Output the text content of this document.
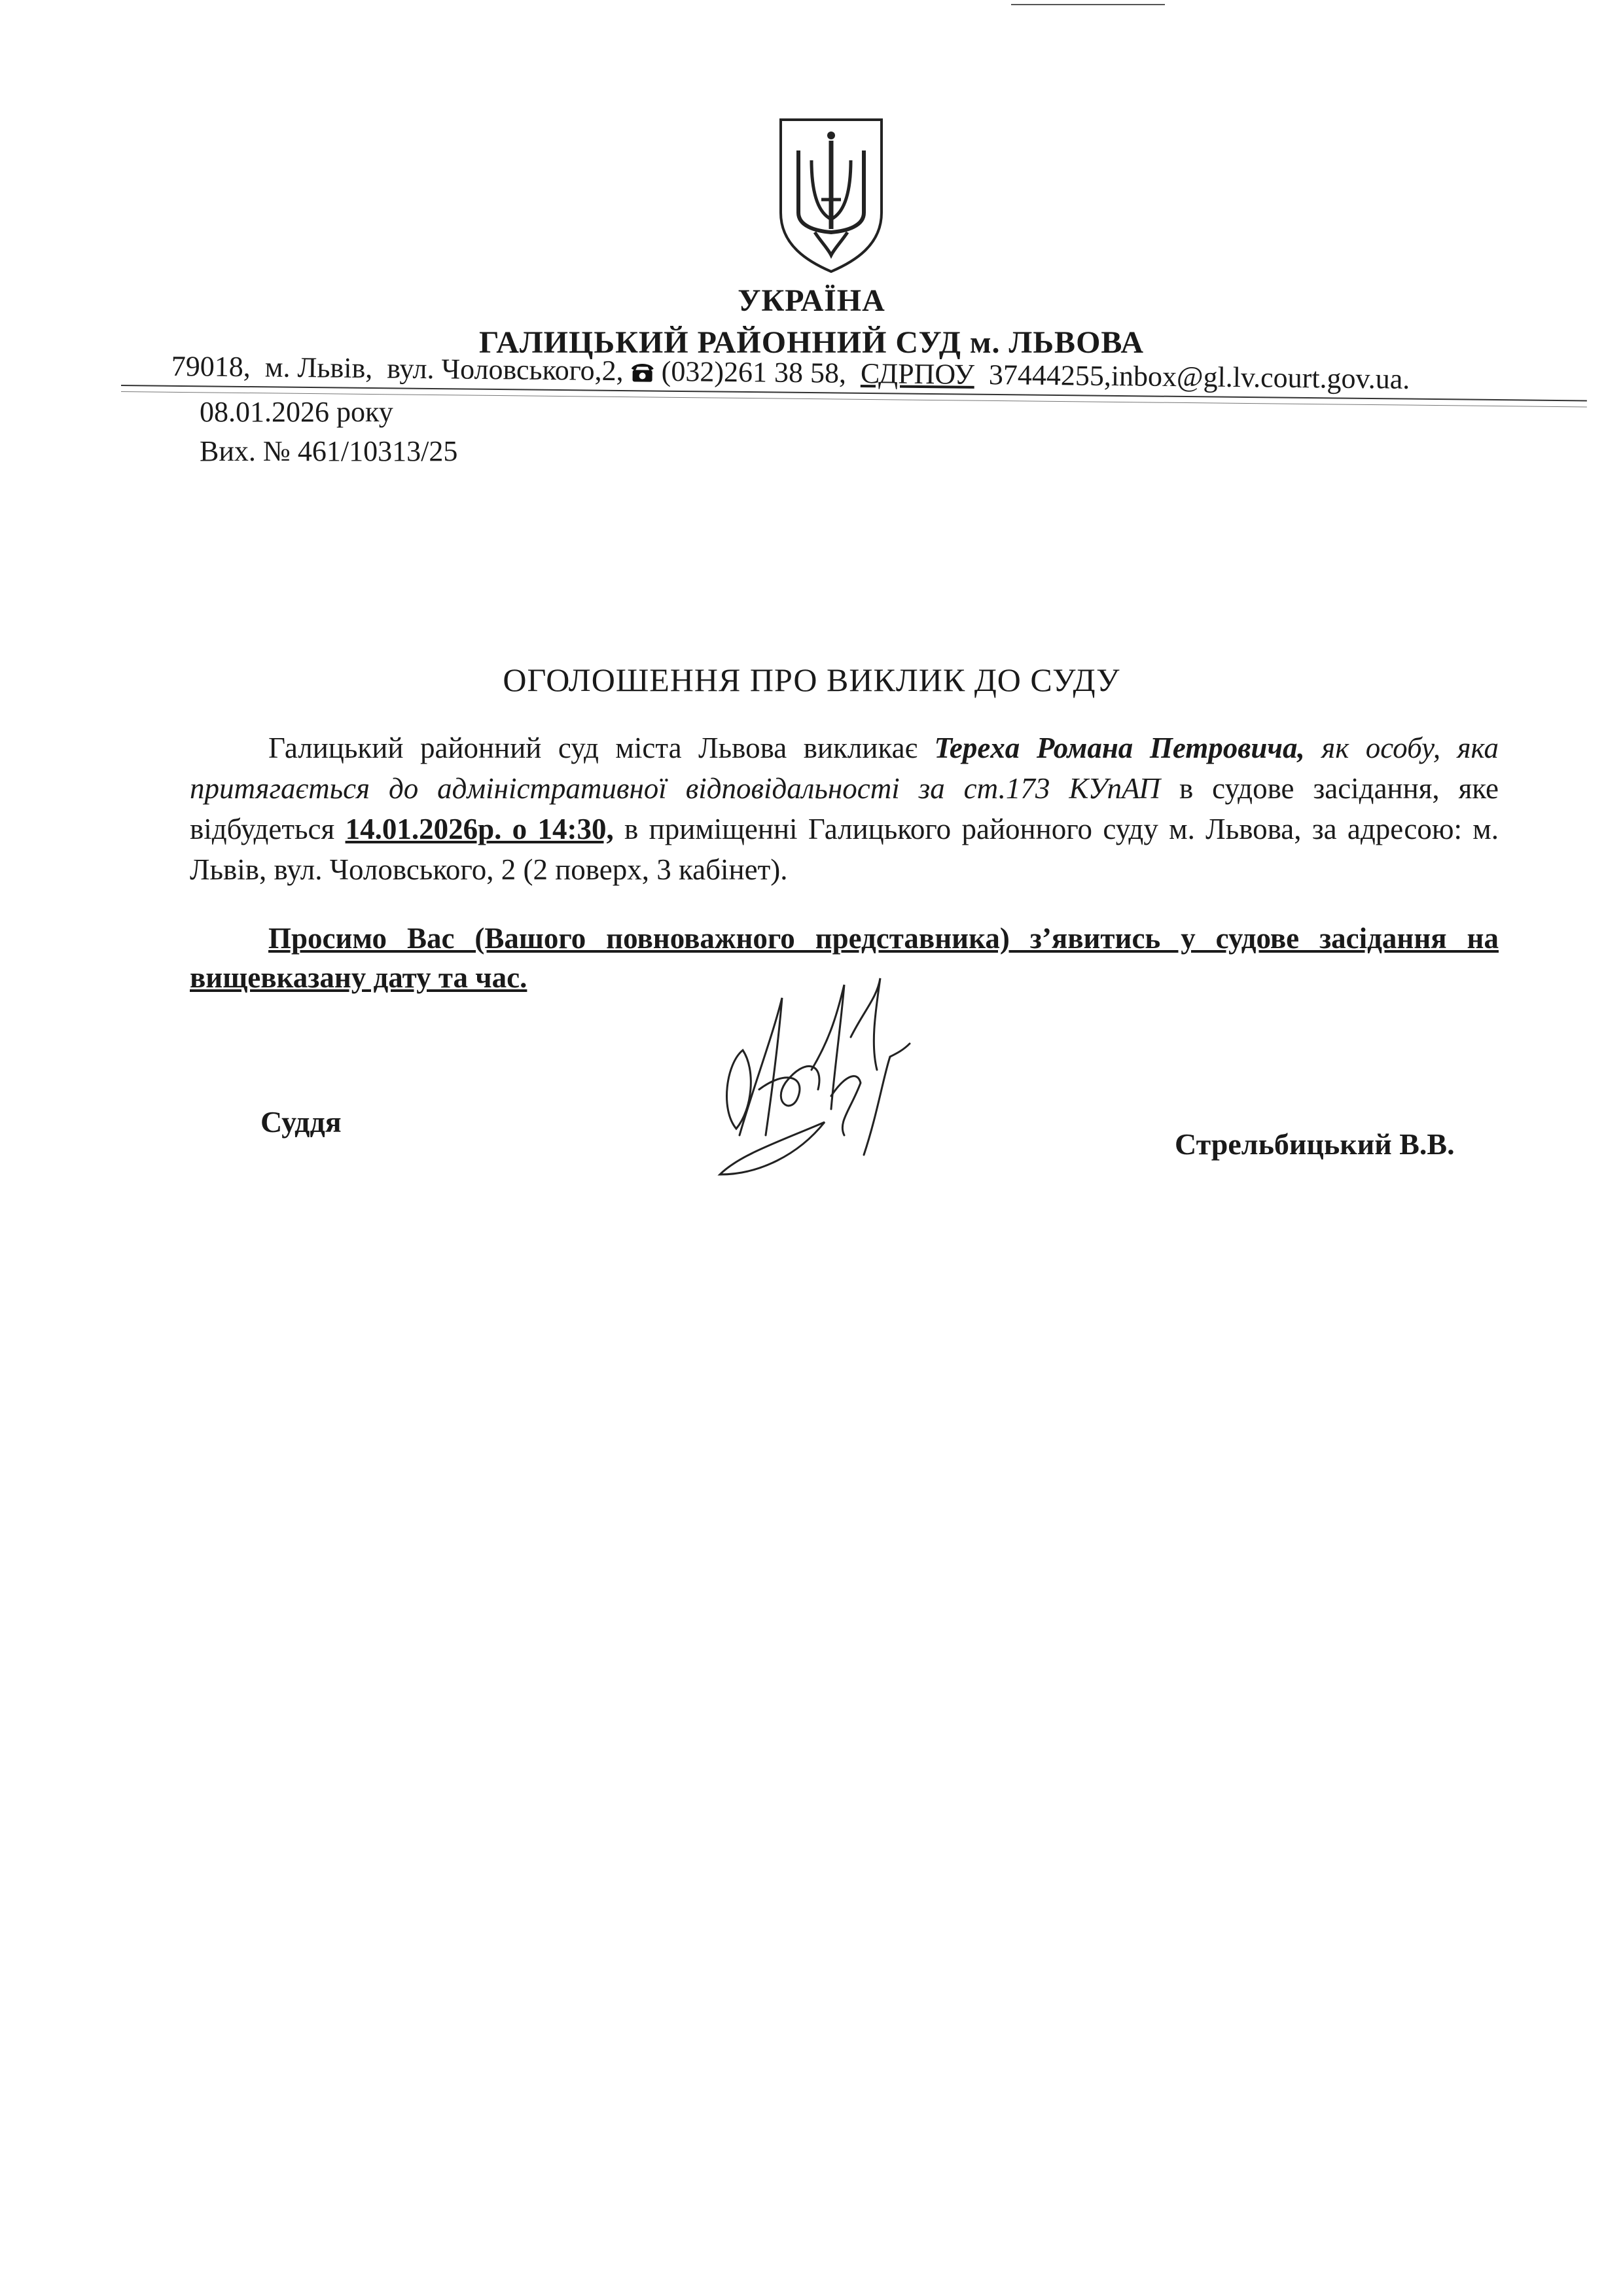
УКРАЇНА
ГАЛИЦЬКИЙ РАЙОННИЙ СУД м. ЛЬВОВА
79018, м. Львів, вул. Чоловського,2, (032)261 38 58,  СДРПОУ 37444255,inbox@gl.lv.court.gov.ua.
08.01.2026 року
Вих. № 461/10313/25
ОГОЛОШЕННЯ ПРО ВИКЛИК ДО СУДУ
Галицький районний суд міста Львова викликає Tepexa Романа Петровича, як особу, яка притягається до адміністративної відповідальності за ст.173 КУпАП в судове засідання, яке відбудеться 14.01.2026р. о 14:30, в приміщенні Галицького районного суду м. Львова, за адресою: м. Львів, вул. Чоловського, 2 (2 поверх, 3 кабінет).
Просимо Вас (Вашого повноважного представника) з’явитись у судове засідання на вищевказану дату та час.
Суддя
Стрельбицький В.В.
